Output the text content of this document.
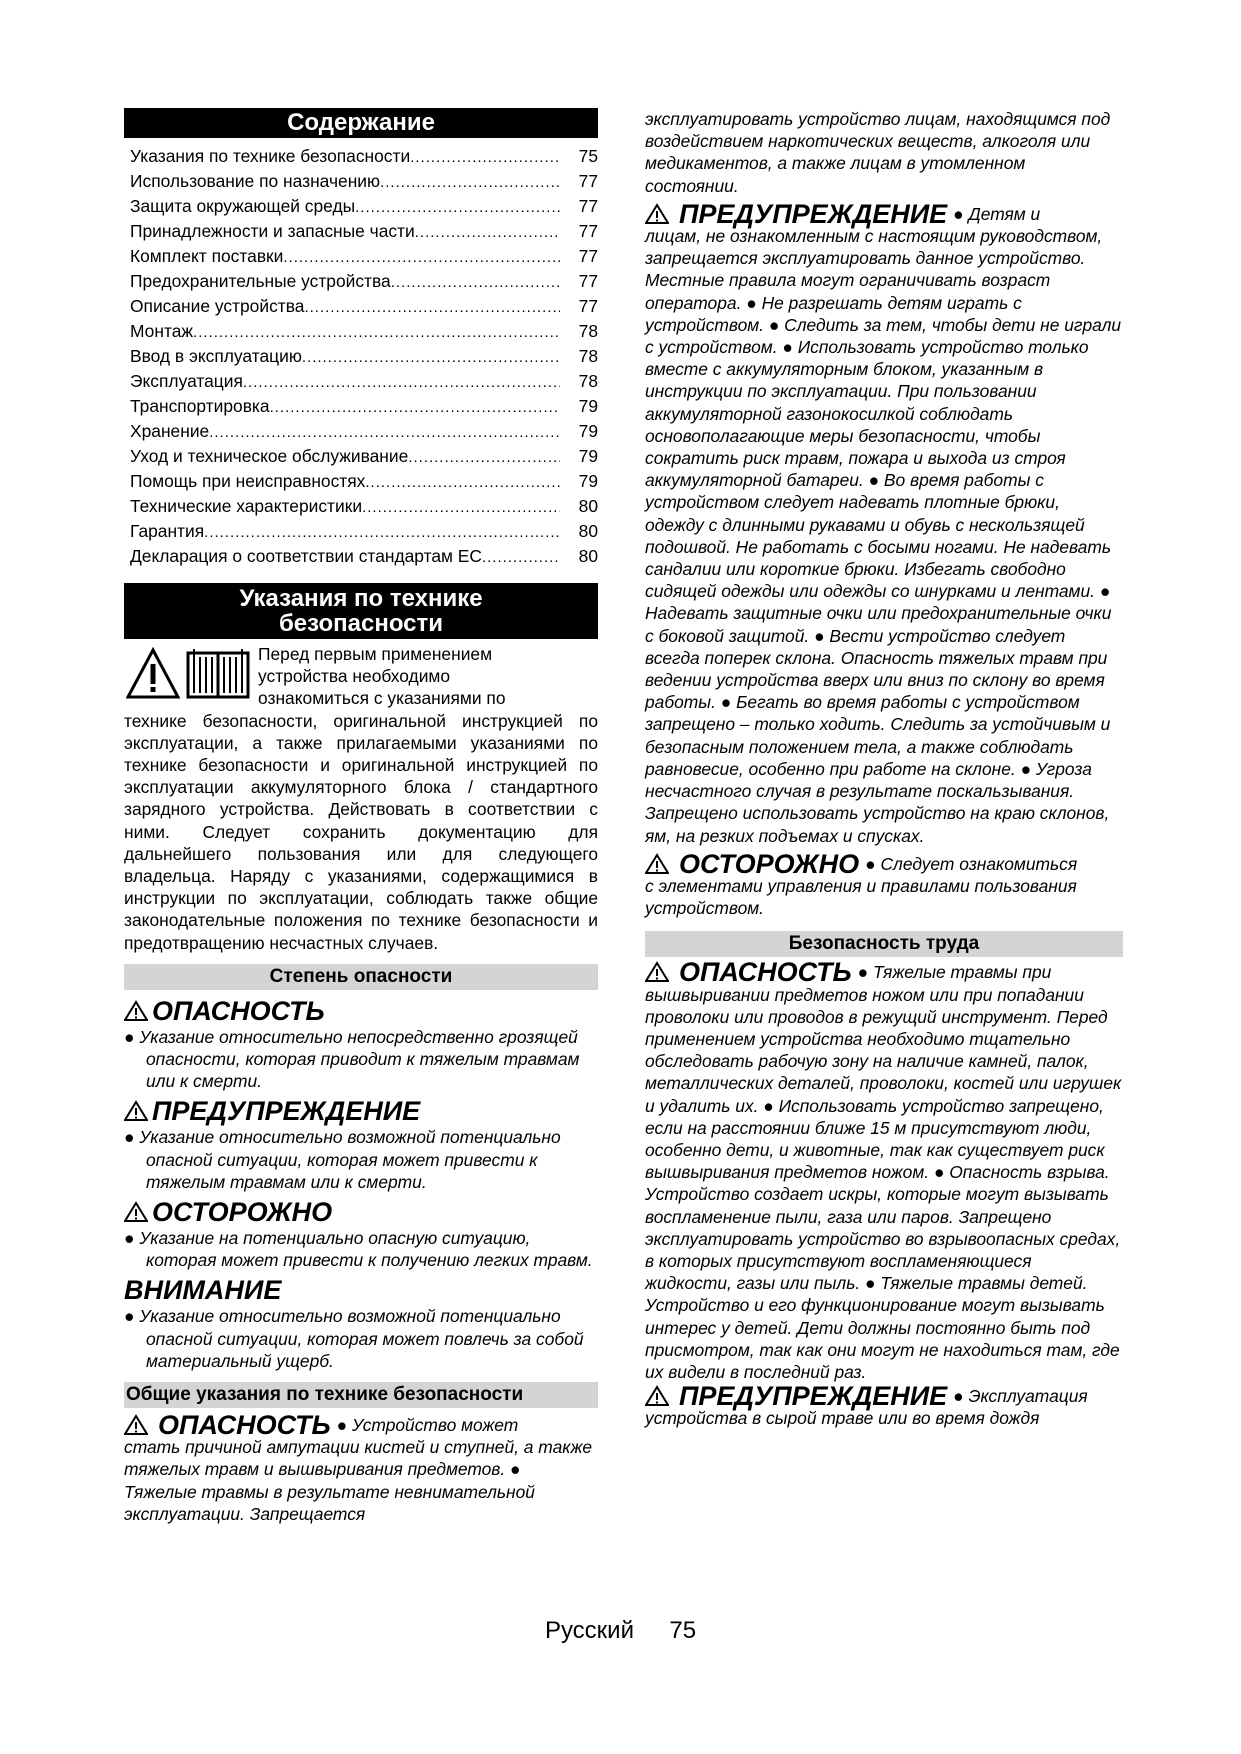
Содержание
Указания по технике безопасности .....	75
Использование по назначению .....	77
Защита окружающей среды .....	77
Принадлежности и запасные части .....	77
Комплект поставки .....	77
Предохранительные устройства .....	77
Описание устройства .....	77
Монтаж .....	78
Ввод в эксплуатацию .....	78
Эксплуатация .....	78
Транспортировка .....	79
Хранение .....	79
Уход и техническое обслуживание .....	79
Помощь при неисправностях .....	79
Технические характеристики .....	80
Гарантия .....	80
Декларация о соответствии стандартам ЕС .....	80
Указания по технике
безопасности
Перед первым применением
устройства необходимо
ознакомиться с указаниями по
технике безопасности, оригинальной инструкцией по эксплуатации, а также прилагаемыми указаниями по технике безопасности и оригинальной инструкцией по эксплуатации аккумуляторного блока / стандартного зарядного устройства. Действовать в соответствии с ними. Следует сохранить документацию для дальнейшего пользования или для следующего владельца. Наряду с указаниями, содержащимися в инструкции по эксплуатации, соблюдать также общие законодательные положения по технике безопасности и предотвращению несчастных случаев.
Степень опасности
ОПАСНОСТЬ
● Указание относительно непосредственно грозящей опасности, которая приводит к тяжелым травмам или к смерти.
ПРЕДУПРЕЖДЕНИЕ
● Указание относительно возможной потенциально опасной ситуации, которая может привести к тяжелым травмам или к смерти.
ОСТОРОЖНО
● Указание на потенциально опасную ситуацию, которая может привести к получению легких травм.
ВНИМАНИЕ
● Указание относительно возможной потенциально опасной ситуации, которая может повлечь за собой материальный ущерб.
Общие указания по технике безопасности
ОПАСНОСТЬ ● Устройство может
стать причиной ампутации кистей и ступней, а также тяжелых травм и вышвыривания предметов. ● Тяжелые травмы в результате невнимательной эксплуатации. Запрещается
эксплуатировать устройство лицам, находящимся под воздействием наркотических веществ, алкоголя или медикаментов, а также лицам в утомленном состоянии.
ПРЕДУПРЕЖДЕНИЕ ● Детям и
лицам, не ознакомленным с настоящим руководством, запрещается эксплуатировать данное устройство. Местные правила могут ограничивать возраст оператора. ● Не разрешать детям играть с устройством. ● Следить за тем, чтобы дети не играли с устройством. ● Использовать устройство только вместе с аккумуляторным блоком, указанным в инструкции по эксплуатации. При пользовании аккумуляторной газонокосилкой соблюдать основополагающие меры безопасности, чтобы сократить риск травм, пожара и выхода из строя аккумуляторной батареи. ● Во время работы с устройством следует надевать плотные брюки, одежду с длинными рукавами и обувь с нескользящей подошвой. Не работать с босыми ногами. Не надевать сандалии или короткие брюки. Избегать свободно сидящей одежды или одежды со шнурками и лентами. ● Надевать защитные очки или предохранительные очки с боковой защитой. ● Вести устройство следует всегда поперек склона. Опасность тяжелых травм при ведении устройства вверх или вниз по склону во время работы. ● Бегать во время работы с устройством запрещено – только ходить. Следить за устойчивым и безопасным положением тела, а также соблюдать равновесие, особенно при работе на склоне. ● Угроза несчастного случая в результате поскальзывания. Запрещено использовать устройство на краю склонов, ям, на резких подъемах и спусках.
ОСТОРОЖНО ● Следует ознакомиться
с элементами управления и правилами пользования устройством.
Безопасность труда
ОПАСНОСТЬ ● Тяжелые травмы при
вышвыривании предметов ножом или при попадании проволоки или проводов в режущий инструмент. Перед применением устройства необходимо тщательно обследовать рабочую зону на наличие камней, палок, металлических деталей, проволоки, костей или игрушек и удалить их. ● Использовать устройство запрещено, если на расстоянии ближе 15 м присутствуют люди, особенно дети, и животные, так как существует риск вышвыривания предметов ножом. ● Опасность взрыва. Устройство создает искры, которые могут вызывать воспламенение пыли, газа или паров. Запрещено эксплуатировать устройство во взрывоопасных средах, в которых присутствуют воспламеняющиеся жидкости, газы или пыль. ● Тяжелые травмы детей. Устройство и его функционирование могут вызывать интерес у детей. Дети должны постоянно быть под присмотром, так как они могут не находиться там, где их видели в последний раз.
ПРЕДУПРЕЖДЕНИЕ ● Эксплуатация
устройства в сырой траве или во время дождя
Русский 75
